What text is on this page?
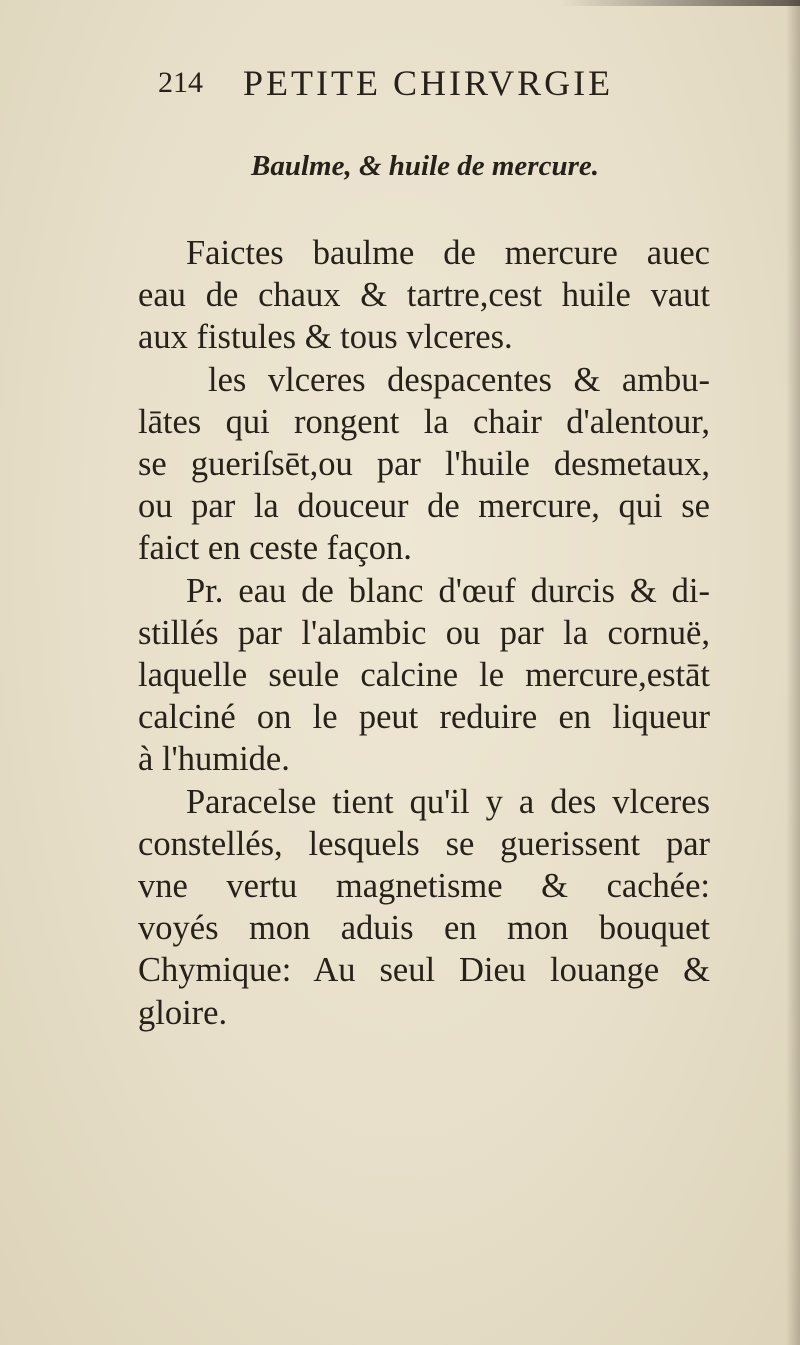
214 PETITE CHIRVRGIE
Baulme, & huile de mercure.
Faictes baulme de mercure auec
eau de chaux & tartre,cest huile vaut
aux fistules & tous vlceres.
les vlceres despacentes & ambu-
lātes qui rongent la chair d'alentour,
se gueriſsēt,ou par l'huile desmetaux,
ou par la douceur de mercure, qui se
faict en ceste façon.
Pr. eau de blanc d'œuf durcis & di-
stillés par l'alambic ou par la cornuë,
laquelle seule calcine le mercure,estāt
calciné on le peut reduire en liqueur
à l'humide.
Paracelse tient qu'il y a des vlceres
constellés, lesquels se guerissent par
vne vertu magnetisme & cachée:
voyés mon aduis en mon bouquet
Chymique: Au seul Dieu louange &
gloire.
